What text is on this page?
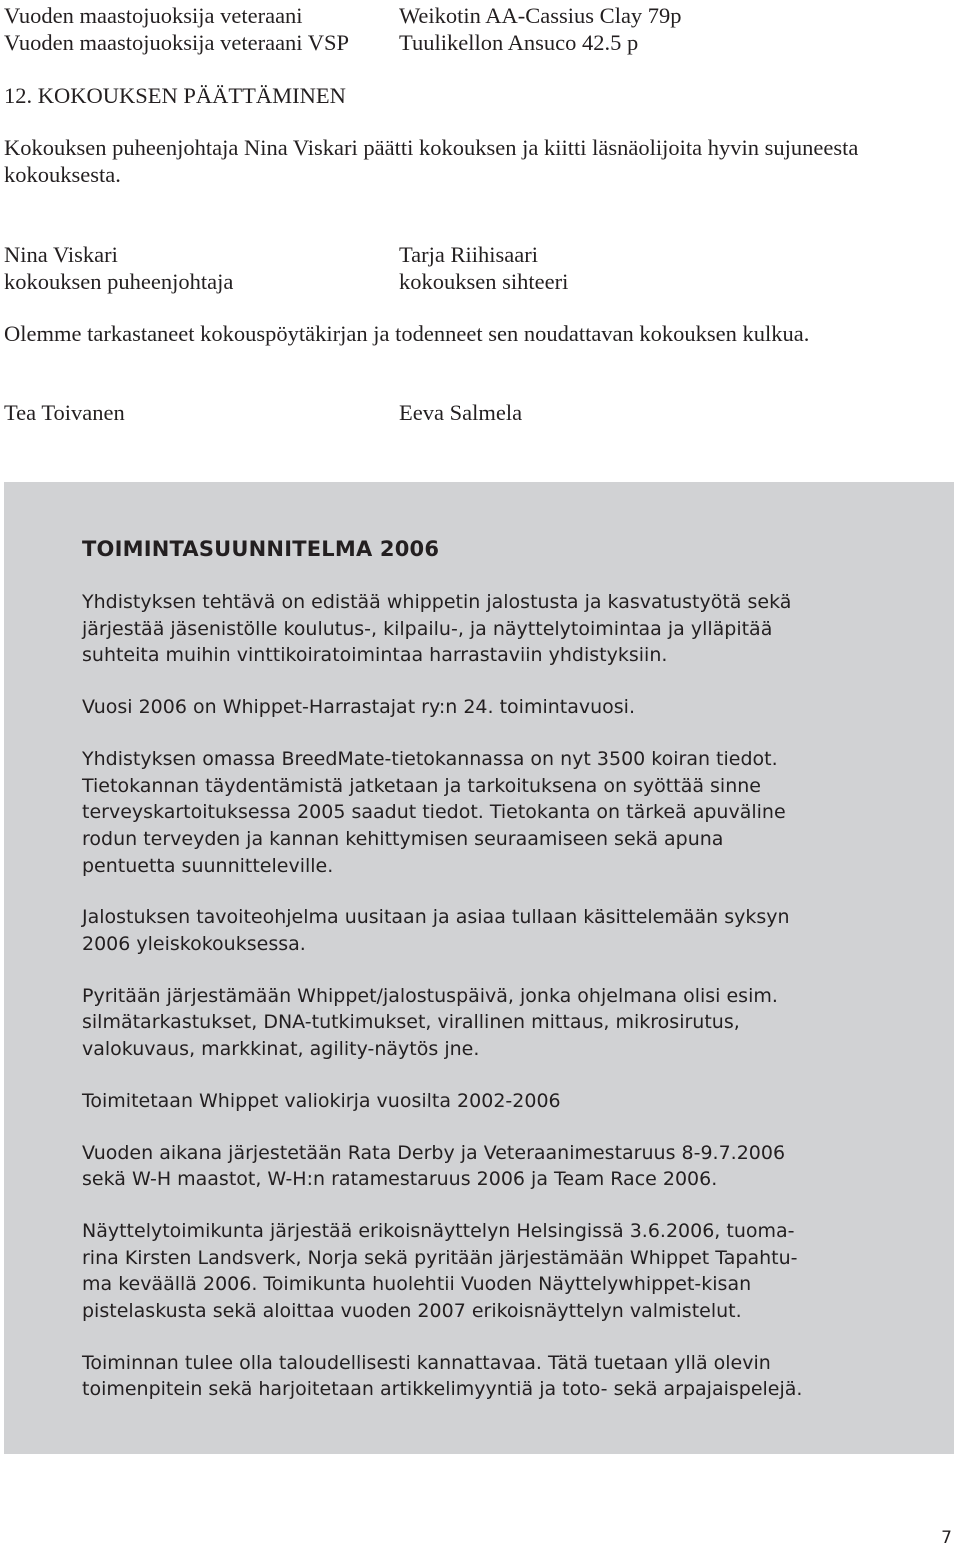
Vuoden maastojuoksija veteraani	Weikotin AA-Cassius Clay 79p

Vuoden maastojuoksija veteraani VSP Tuulikellon Ansuco 42.5 p

12. KOKOUKSEN PÄÄTTÄMINEN

Kokouksen puheenjohtaja Nina Viskari päätti kokouksen ja kiitti läsnäolijoita hyvin sujuneesta

kokouksesta.

Nina Viskari

kokouksen puheenjohtaja

Tarja Riihisaari

kokouksen sihteeri

Olemme tarkastaneet kokouspöytäkirjan ja todenneet sen noudattavan kokouksen kulkua.

Tea Toivanen	Eeva Salmela

TOIMINTASUUNNITELMA 2006

Yhdistyksen tehtävä on edistää whippetin jalostusta ja kasvatustyötä sekä
järjestää jäsenistölle koulutus-, kilpailu-, ja näyttelytoimintaa ja ylläpitää
suhteita muihin vinttikoiratoimintaa harrastaviin yhdistyksiin.

Vuosi 2006 on Whippet-Harrastajat ry:n 24. toimintavuosi.

Yhdistyksen omassa BreedMate-tietokannassa on nyt 3500 koiran tiedot.
Tietokannan täydentämistä jatketaan ja tarkoituksena on syöttää sinne
terveyskartoituksessa 2005 saadut tiedot. Tietokanta on tärkeä apuväline
rodun terveyden ja kannan kehittymisen seuraamiseen sekä apuna
pentuetta suunnitteleville.

Jalostuksen tavoiteohjelma uusitaan ja asiaa tullaan käsittelemään syksyn
2006 yleiskokouksessa.

Pyritään järjestämään Whippet/jalostuspäivä, jonka ohjelmana olisi esim.
silmätarkastukset, DNA-tutkimukset, virallinen mittaus, mikrosirutus,
valokuvaus, markkinat, agility-näytös jne.

Toimitetaan Whippet valiokirja vuosilta 2002-2006

Vuoden aikana järjestetään Rata Derby ja Veteraanimestaruus 8-9.7.2006
sekä W-H maastot, W-H:n ratamestaruus 2006 ja Team Race 2006.

Näyttelytoimikunta järjestää erikoisnäyttelyn Helsingissä 3.6.2006, tuoma-
rina Kirsten Landsverk, Norja sekä pyritään järjestämään Whippet Tapahtu-
ma keväällä 2006. Toimikunta huolehtii Vuoden Näyttelywhippet-kisan
pistelaskusta sekä aloittaa vuoden 2007 erikoisnäyttelyn valmistelut.

Toiminnan tulee olla taloudellisesti kannattavaa. Tätä tuetaan yllä olevin
toimenpitein sekä harjoitetaan artikkelimyyntiä ja toto- sekä arpajaispelejä.

7
